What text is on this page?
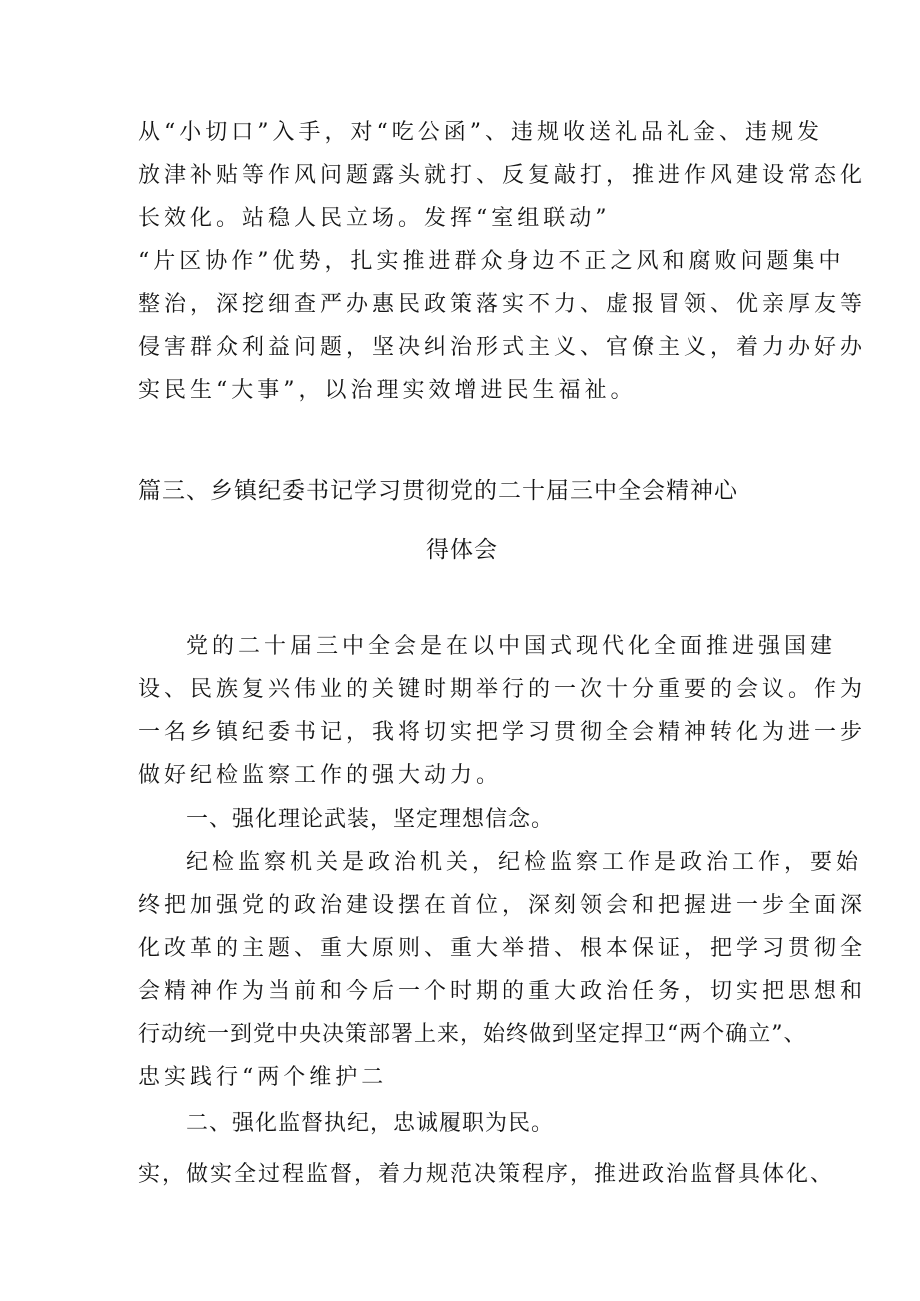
从“小切口”入手，对“吃公函”、违规收送礼品礼金、违规发
放津补贴等作风问题露头就打、反复敲打，推进作风建设常态化
长效化。站稳人民立场。发挥“室组联动”
“片区协作”优势，扎实推进群众身边不正之风和腐败问题集中
整治，深挖细查严办惠民政策落实不力、虚报冒领、优亲厚友等
侵害群众利益问题，坚决纠治形式主义、官僚主义，着力办好办
实民生“大事”，以治理实效增进民生福祉。
篇三、乡镇纪委书记学习贯彻党的二十届三中全会精神心
得体会
党的二十届三中全会是在以中国式现代化全面推进强国建
设、民族复兴伟业的关键时期举行的一次十分重要的会议。作为
一名乡镇纪委书记，我将切实把学习贯彻全会精神转化为进一步
做好纪检监察工作的强大动力。
一、强化理论武装，坚定理想信念。
纪检监察机关是政治机关，纪检监察工作是政治工作，要始
终把加强党的政治建设摆在首位，深刻领会和把握进一步全面深
化改革的主题、重大原则、重大举措、根本保证，把学习贯彻全
会精神作为当前和今后一个时期的重大政治任务，切实把思想和
行动统一到党中央决策部署上来，始终做到坚定捍卫“两个确立”、
忠实践行“两个维护二
二、强化监督执纪，忠诚履职为民。
实，做实全过程监督，着力规范决策程序，推进政治监督具体化、
